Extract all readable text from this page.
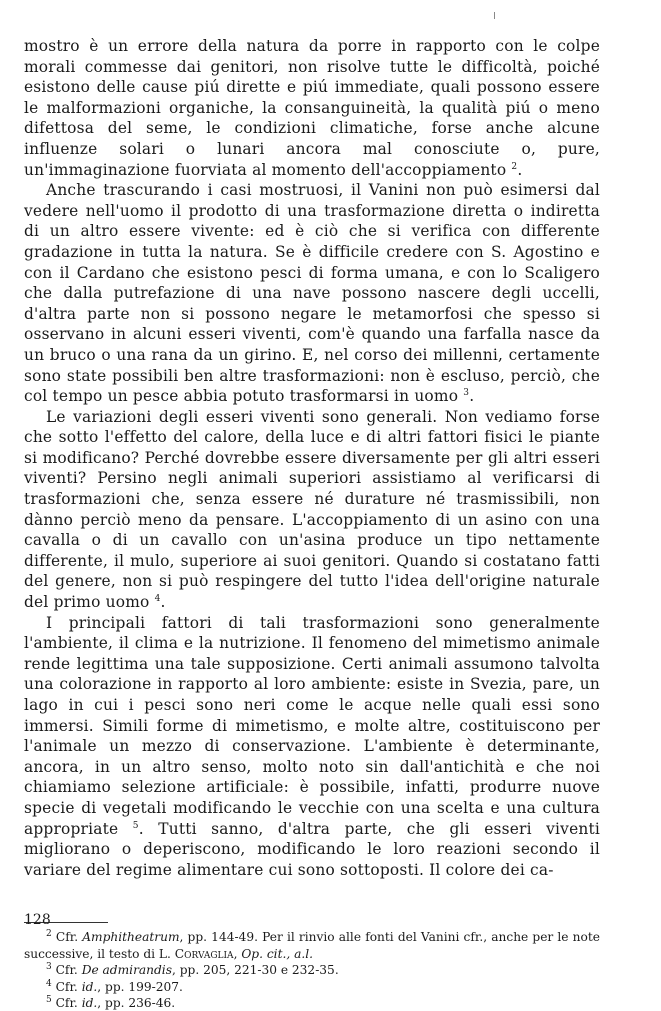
mostro è un errore della natura da porre in rapporto con le colpe morali commesse dai genitori, non risolve tutte le difficoltà, poiché esistono delle cause piú dirette e piú immediate, quali possono essere le malformazioni organiche, la consanguineità, la qualità piú o meno difettosa del seme, le condizioni climatiche, forse anche alcune influenze solari o lunari ancora mal conosciute o, pure, un'immaginazione fuorviata al momento dell'accoppiamento $^2$.

Anche trascurando i casi mostruosi, il Vanini non può esimersi dal vedere nell'uomo il prodotto di una trasformazione diretta o indiretta di un altro essere vivente: ed è ciò che si verifica con differente gradazione in tutta la natura. Se è difficile credere con S. Agostino e con il Cardano che esistono pesci di forma umana, e con lo Scaligero che dalla putrefazione di una nave possono nascere degli uccelli, d'altra parte non si possono negare le metamorfosi che spesso si osservano in alcuni esseri viventi, com'è quando una farfalla nasce da un bruco o una rana da un girino. E, nel corso dei millenni, certamente sono state possibili ben altre trasformazioni: non è escluso, perciò, che col tempo un pesce abbia potuto trasformarsi in uomo $^3$.

Le variazioni degli esseri viventi sono generali. Non vediamo forse che sotto l'effetto del calore, della luce e di altri fattori fisici le piante si modificano? Perché dovrebbe essere diversamente per gli altri esseri viventi? Persino negli animali superiori assistiamo al verificarsi di trasformazioni che, senza essere né durature né trasmissibili, non dànno perciò meno da pensare. L'accoppiamento di un asino con una cavalla o di un cavallo con un'asina produce un tipo nettamente differente, il mulo, superiore ai suoi genitori. Quando si costatano fatti del genere, non si può respingere del tutto l'idea dell'origine naturale del primo uomo $^4$.

I principali fattori di tali trasformazioni sono generalmente l'ambiente, il clima e la nutrizione. Il fenomeno del mimetismo animale rende legittima una tale supposizione. Certi animali assumono talvolta una colorazione in rapporto al loro ambiente: esiste in Svezia, pare, un lago in cui i pesci sono neri come le acque nelle quali essi sono immersi. Simili forme di mimetismo, e molte altre, costituiscono per l'animale un mezzo di conservazione. L'ambiente è determinante, ancora, in un altro senso, molto noto sin dall'antichità e che noi chiamiamo selezione artificiale: è possibile, infatti, produrre nuove specie di vegetali modificando le vecchie con una scelta e una cultura appropriate $^5$. Tutti sanno, d'altra parte, che gli esseri viventi migliorano o deperiscono, modificando le loro reazioni secondo il variare del regime alimentare cui sono sottoposti. Il colore dei ca-

$^2$ Cfr. Amphitheatrum, pp. 144-49. Per il rinvio alle fonti del Vanini cfr., anche per le note successive, il testo di L. Corvaglia, Op. cit., a.l.

$^3$ Cfr. De admirandis, pp. 205, 221-30 e 232-35.

$^4$ Cfr. id., pp. 199-207.

$^5$ Cfr. id., pp. 236-46.

128
